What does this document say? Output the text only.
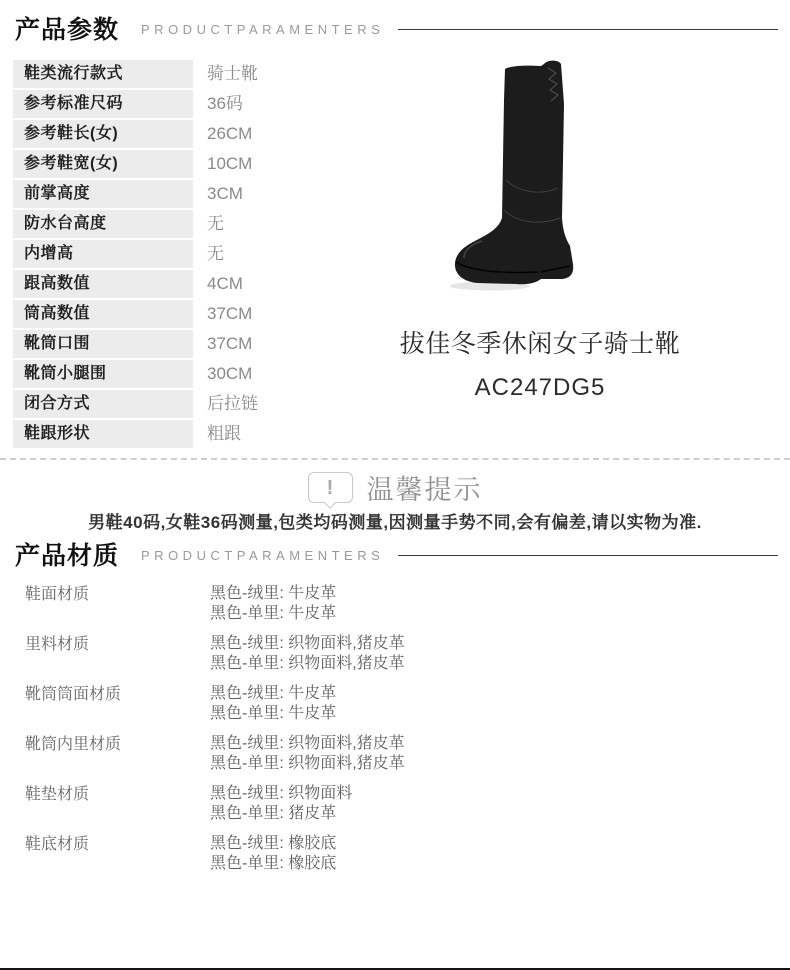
产品参数 PRODUCTPARAMENTERS
鞋类流行款式	骑士靴
参考标准尺码	36码
参考鞋长(女)	26CM
参考鞋宽(女)	10CM
前掌高度	3CM
防水台高度	无
内增高	无
跟高数值	4CM
筒高数值	37CM
靴筒口围	37CM
靴筒小腿围	30CM
闭合方式	后拉链
鞋跟形状	粗跟
拔佳冬季休闲女子骑士靴
AC247DG5
! 温馨提示
男鞋40码,女鞋36码测量,包类均码测量,因测量手势不同,会有偏差,请以实物为准.
产品材质 PRODUCTPARAMENTERS
鞋面材质	黑色-绒里: 牛皮革
黑色-单里: 牛皮革
里料材质	黑色-绒里: 织物面料,猪皮革
黑色-单里: 织物面料,猪皮革
靴筒筒面材质	黑色-绒里: 牛皮革
黑色-单里: 牛皮革
靴筒内里材质	黑色-绒里: 织物面料,猪皮革
黑色-单里: 织物面料,猪皮革
鞋垫材质	黑色-绒里: 织物面料
黑色-单里: 猪皮革
鞋底材质	黑色-绒里: 橡胶底
黑色-单里: 橡胶底
